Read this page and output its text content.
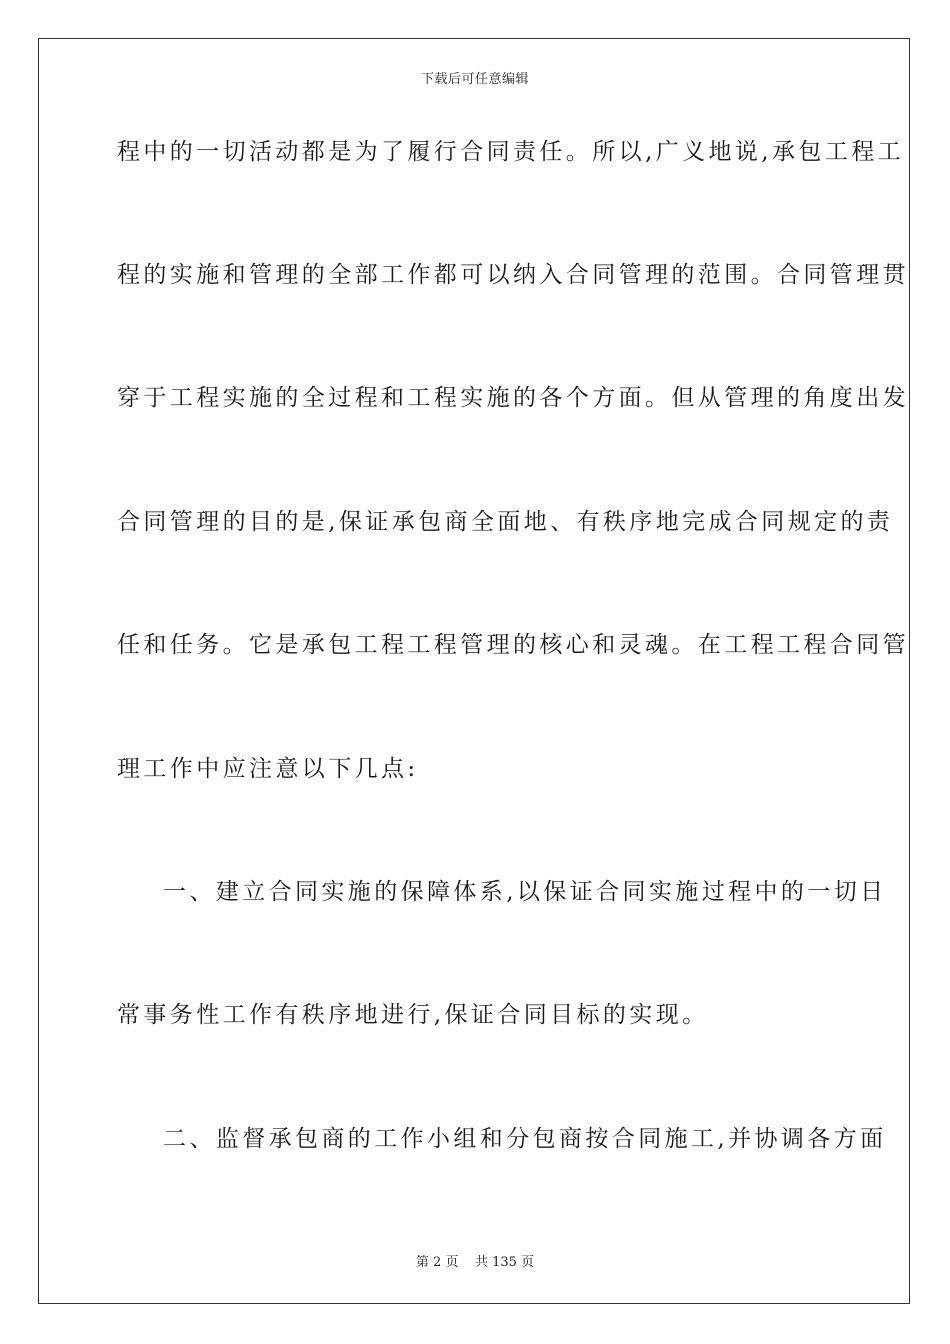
下载后可任意编辑
程中的一切活动都是为了履行合同责任。所以,广义地说,承包工程工
程的实施和管理的全部工作都可以纳入合同管理的范围。合同管理贯
穿于工程实施的全过程和工程实施的各个方面。但从管理的角度出发
合同管理的目的是,保证承包商全面地、有秩序地完成合同规定的责
任和任务。它是承包工程工程管理的核心和灵魂。在工程工程合同管
理工作中应注意以下几点:
一、建立合同实施的保障体系,以保证合同实施过程中的一切日
常事务性工作有秩序地进行,保证合同目标的实现。
二、监督承包商的工作小组和分包商按合同施工,并协调各方面
第 2 页 共 135 页
